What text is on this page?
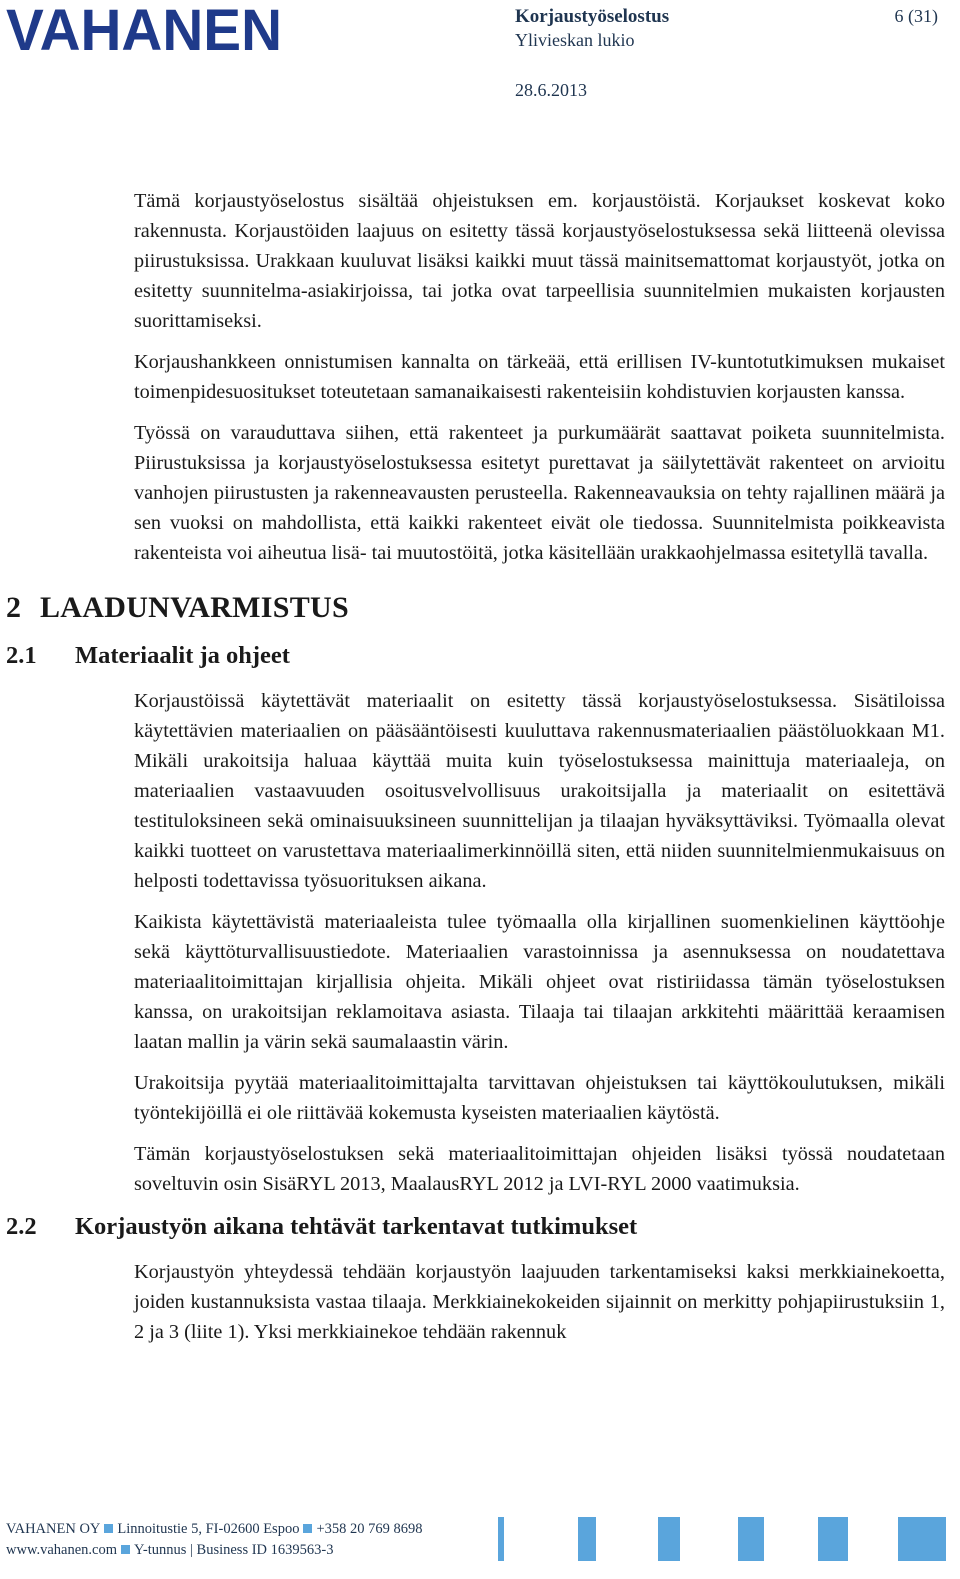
VAHANEN	Korjaustyöselostus	6 (31)
Ylivieskan lukio
28.6.2013

Tämä korjaustyöselostus sisältää ohjeistuksen em. korjaustöistä. Korjaukset koskevat koko rakennusta. Korjaustöiden laajuus on esitetty tässä korjaustyöselostuksessa sekä liitteenä olevissa piirustuksissa. Urakkaan kuuluvat lisäksi kaikki muut tässä mainitsemattomat korjaustyöt, jotka on esitetty suunnitelma-asiakirjoissa, tai jotka ovat tarpeellisia suunnitelmien mukaisten korjausten suorittamiseksi.

Korjaushankkeen onnistumisen kannalta on tärkeää, että erillisen IV-kuntotutkimuksen mukaiset toimenpidesuositukset toteutetaan samanaikaisesti rakenteisiin kohdistuvien korjausten kanssa.

Työssä on varauduttava siihen, että rakenteet ja purkumäärät saattavat poiketa suunnitelmista. Piirustuksissa ja korjaustyöselostuksessa esitetyt purettavat ja säilytettävät rakenteet on arvioitu vanhojen piirustusten ja rakenneavausten perusteella. Rakenneavauksia on tehty rajallinen määrä ja sen vuoksi on mahdollista, että kaikki rakenteet eivät ole tiedossa. Suunnitelmista poikkeavista rakenteista voi aiheutua lisä- tai muutostöitä, jotka käsitellään urakkaohjelmassa esitetyllä tavalla.

2 LAADUNVARMISTUS
2.1 Materiaalit ja ohjeet

Korjaustöissä käytettävät materiaalit on esitetty tässä korjaustyöselostuksessa. Sisätiloissa käytettävien materiaalien on pääsääntöisesti kuuluttava rakennusmateriaalien päästöluokkaan M1. Mikäli urakoitsija haluaa käyttää muita kuin työselostuksessa mainittuja materiaaleja, on materiaalien vastaavuuden osoitusvelvollisuus urakoitsijalla ja materiaalit on esitettävä testituloksineen sekä ominaisuuksineen suunnittelijan ja tilaajan hyväksyttäviksi. Työmaalla olevat kaikki tuotteet on varustettava materiaalimerkinnöillä siten, että niiden suunnitelmienmukaisuus on helposti todettavissa työsuorituksen aikana.

Kaikista käytettävistä materiaaleista tulee työmaalla olla kirjallinen suomenkielinen käyttöohje sekä käyttöturvallisuustiedote. Materiaalien varastoinnissa ja asennuksessa on noudatettava materiaalitoimittajan kirjallisia ohjeita. Mikäli ohjeet ovat ristiriidassa tämän työselostuksen kanssa, on urakoitsijan reklamoitava asiasta. Tilaaja tai tilaajan arkkitehti määrittää keraamisen laatan mallin ja värin sekä saumalaastin värin.

Urakoitsija pyytää materiaalitoimittajalta tarvittavan ohjeistuksen tai käyttökoulutuksen, mikäli työntekijöillä ei ole riittävää kokemusta kyseisten materiaalien käytöstä.

Tämän korjaustyöselostuksen sekä materiaalitoimittajan ohjeiden lisäksi työssä noudatetaan soveltuvin osin SisäRYL 2013, MaalausRYL 2012 ja LVI-RYL 2000 vaatimuksia.

2.2 Korjaustyön aikana tehtävät tarkentavat tutkimukset

Korjaustyön yhteydessä tehdään korjaustyön laajuuden tarkentamiseksi kaksi merkkiainekoetta, joiden kustannuksista vastaa tilaaja. Merkkiainekokeiden sijainnit on merkitty pohjapiirustuksiin 1, 2 ja 3 (liite 1). Yksi merkkiainekoe tehdään rakennuk

VAHANEN OY Linnoitustie 5, FI-02600 Espoo +358 20 769 8698
www.vahanen.com Y-tunnus | Business ID 1639563-3
